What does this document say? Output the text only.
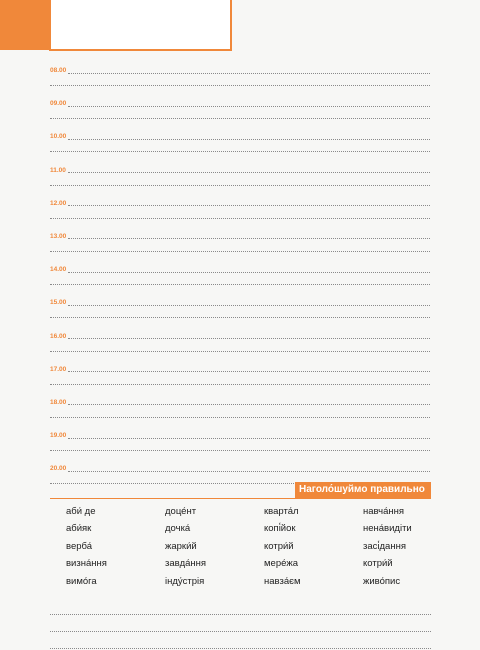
08.00
09.00
10.00
11.00
12.00
13.00
14.00
15.00
16.00
17.00
18.00
19.00
20.00
Наголо́шуймо правильно
аби́ де	доце́нт	кварта́л	навча́ння
аби́як	дочка́	копі́йок	нена́видіти
верба́	жарки́й	котри́й	засі́дання
визна́ння	завда́ння	мере́жа	котри́й
вимо́га	інду́стрія	навза́єм	живо́пис
